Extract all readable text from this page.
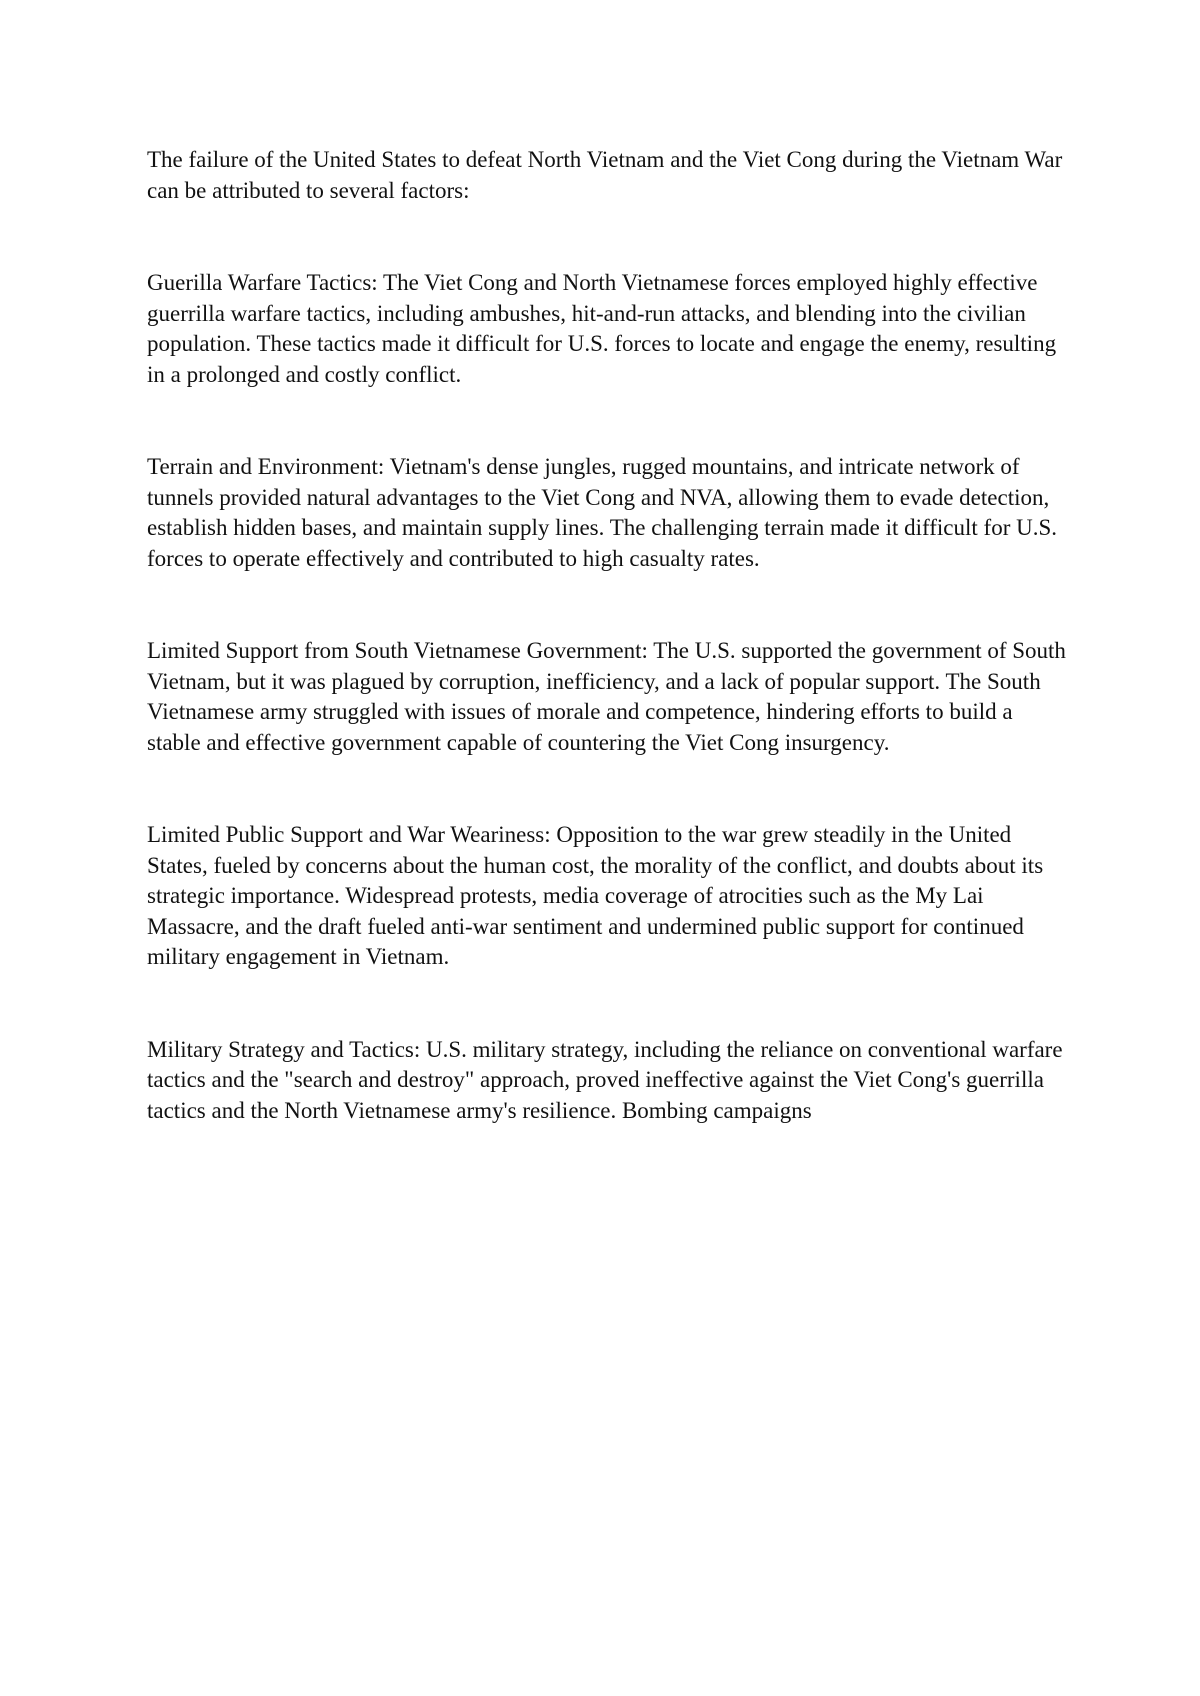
The failure of the United States to defeat North Vietnam and the Viet Cong during the Vietnam War can be attributed to several factors:

Guerilla Warfare Tactics: The Viet Cong and North Vietnamese forces employed highly effective guerrilla warfare tactics, including ambushes, hit-and-run attacks, and blending into the civilian population. These tactics made it difficult for U.S. forces to locate and engage the enemy, resulting in a prolonged and costly conflict.

Terrain and Environment: Vietnam's dense jungles, rugged mountains, and intricate network of tunnels provided natural advantages to the Viet Cong and NVA, allowing them to evade detection, establish hidden bases, and maintain supply lines. The challenging terrain made it difficult for U.S. forces to operate effectively and contributed to high casualty rates.

Limited Support from South Vietnamese Government: The U.S. supported the government of South Vietnam, but it was plagued by corruption, inefficiency, and a lack of popular support. The South Vietnamese army struggled with issues of morale and competence, hindering efforts to build a stable and effective government capable of countering the Viet Cong insurgency.

Limited Public Support and War Weariness: Opposition to the war grew steadily in the United States, fueled by concerns about the human cost, the morality of the conflict, and doubts about its strategic importance. Widespread protests, media coverage of atrocities such as the My Lai Massacre, and the draft fueled anti-war sentiment and undermined public support for continued military engagement in Vietnam.

Military Strategy and Tactics: U.S. military strategy, including the reliance on conventional warfare tactics and the "search and destroy" approach, proved ineffective against the Viet Cong's guerrilla tactics and the North Vietnamese army's resilience. Bombing campaigns
